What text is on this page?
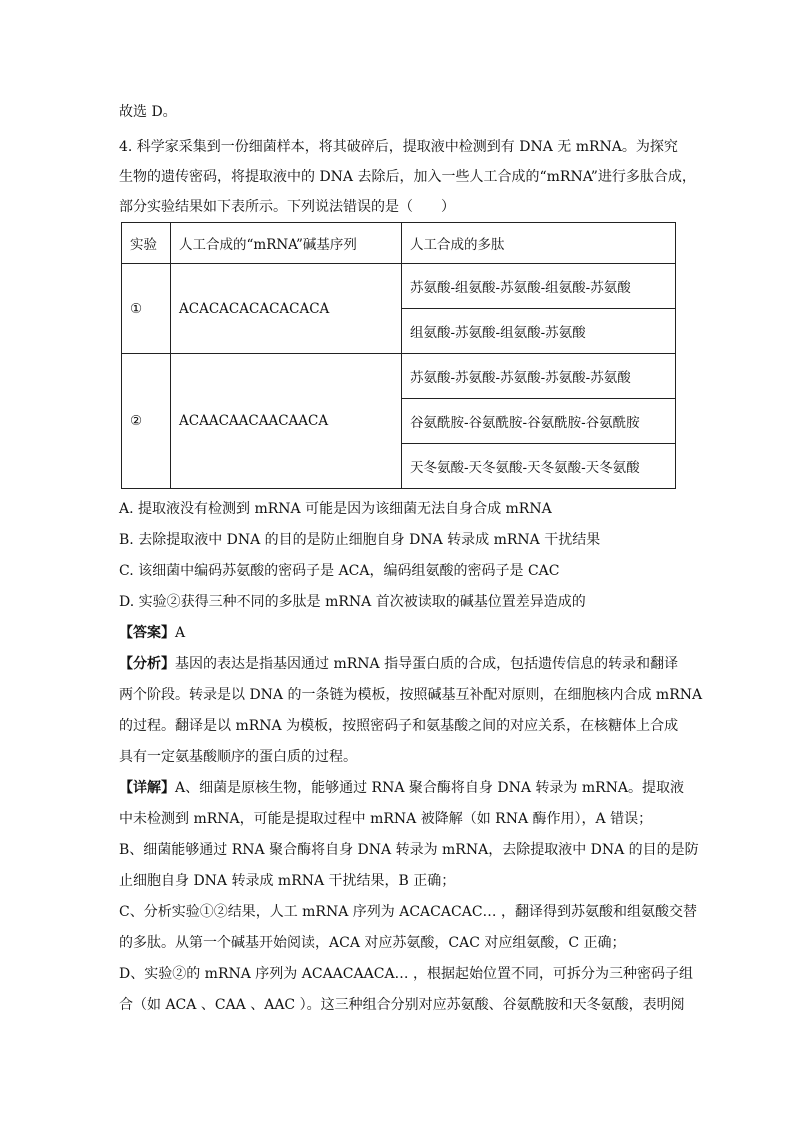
故选 D。
4. 科学家采集到一份细菌样本，将其破碎后，提取液中检测到有 DNA 无 mRNA。为探究
生物的遗传密码，将提取液中的 DNA 去除后，加入一些人工合成的“mRNA”进行多肽合成，
部分实验结果如下表所示。下列说法错误的是（　　）
实验	人工合成的“mRNA”碱基序列	人工合成的多肽
①	ACACACACACACACA	苏氨酸-组氨酸-苏氨酸-组氨酸-苏氨酸
		组氨酸-苏氨酸-组氨酸-苏氨酸
②	ACAACAACAACAACA	苏氨酸-苏氨酸-苏氨酸-苏氨酸-苏氨酸
		谷氨酰胺-谷氨酰胺-谷氨酰胺-谷氨酰胺
		天冬氨酸-天冬氨酸-天冬氨酸-天冬氨酸
A. 提取液没有检测到 mRNA 可能是因为该细菌无法自身合成 mRNA
B. 去除提取液中 DNA 的目的是防止细胞自身 DNA 转录成 mRNA 干扰结果
C. 该细菌中编码苏氨酸的密码子是 ACA，编码组氨酸的密码子是 CAC
D. 实验②获得三种不同的多肽是 mRNA 首次被读取的碱基位置差异造成的
【答案】A
【分析】基因的表达是指基因通过 mRNA 指导蛋白质的合成，包括遗传信息的转录和翻译
两个阶段。转录是以 DNA 的一条链为模板，按照碱基互补配对原则，在细胞核内合成 mRNA
的过程。翻译是以 mRNA 为模板，按照密码子和氨基酸之间的对应关系，在核糖体上合成
具有一定氨基酸顺序的蛋白质的过程。
【详解】A、细菌是原核生物，能够通过 RNA 聚合酶将自身 DNA 转录为 mRNA。提取液
中未检测到 mRNA，可能是提取过程中 mRNA 被降解（如 RNA 酶作用），A 错误；
B、细菌能够通过 RNA 聚合酶将自身 DNA 转录为 mRNA，去除提取液中 DNA 的目的是防
止细胞自身 DNA 转录成 mRNA 干扰结果，B 正确；
C、分析实验①②结果，人工 mRNA 序列为 ACACACAC… ，翻译得到苏氨酸和组氨酸交替
的多肽。从第一个碱基开始阅读，ACA 对应苏氨酸，CAC 对应组氨酸，C 正确；
D、实验②的 mRNA 序列为 ACAACAACA… ，根据起始位置不同，可拆分为三种密码子组
合（如 ACA 、CAA 、AAC ）。这三种组合分别对应苏氨酸、谷氨酰胺和天冬氨酸，表明阅
